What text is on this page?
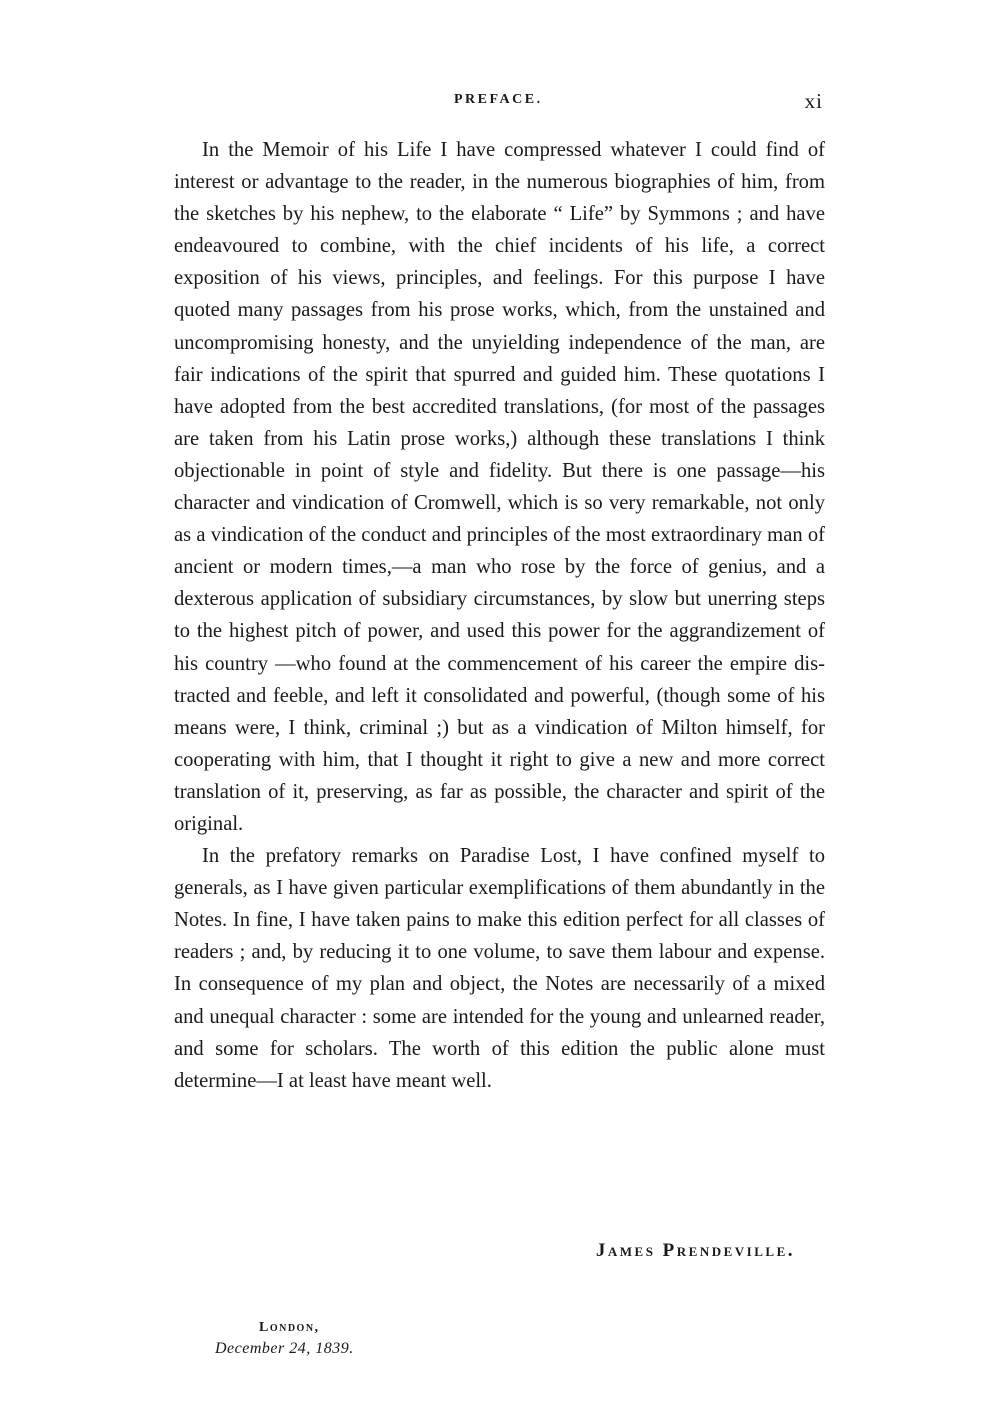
PREFACE.	xi

In the Memoir of his Life I have compressed whatever I could find of interest or advantage to the reader, in the numerous biographies of him, from the sketches by his nephew, to the elaborate “ Life” by Symmons ; and have endeavoured to combine, with the chief incidents of his life, a correct exposition of his views, principles, and feelings. For this purpose I have quoted many passages from his prose works, which, from the unstained and uncompromising honesty, and the unyielding independence of the man, are fair indications of the spirit that spurred and guided him. These quotations I have adopted from the best accredited translations, (for most of the passages are taken from his Latin prose works,) although these translations I think objectionable in point of style and fidelity. But there is one passage—his character and vindication of Cromwell, which is so very remarkable, not only as a vindication of the conduct and principles of the most extraordinary man of ancient or modern times,—a man who rose by the force of genius, and a dexterous application of subsidiary circumstances, by slow but unerring steps to the highest pitch of power, and used this power for the aggrandizement of his country —who found at the commencement of his career the empire distracted and feeble, and left it consolidated and powerful, (though some of his means were, I think, criminal ;) but as a vindication of Milton himself, for cooperating with him, that I thought it right to give a new and more correct translation of it, preserving, as far as possible, the character and spirit of the original.

In the prefatory remarks on Paradise Lost, I have confined myself to generals, as I have given particular exemplifications of them abundantly in the Notes. In fine, I have taken pains to make this edition perfect for all classes of readers ; and, by reducing it to one volume, to save them labour and expense. In consequence of my plan and object, the Notes are necessarily of a mixed and unequal character : some are intended for the young and unlearned reader, and some for scholars. The worth of this edition the public alone must determine—I at least have meant well.

James Prendeville.
London,
December 24, 1839.
